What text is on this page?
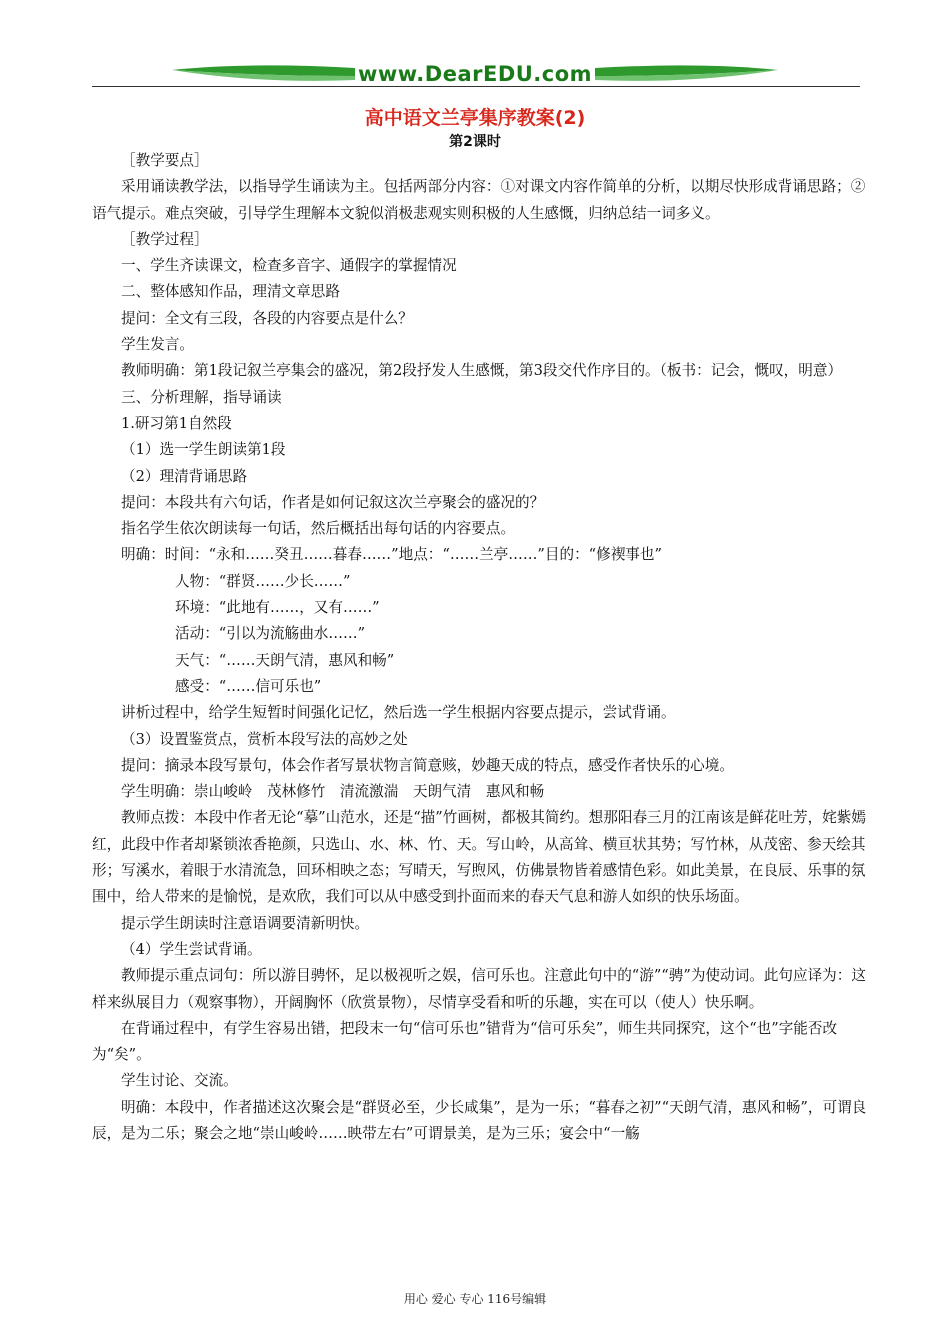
www.DearEDU.com
高中语文兰亭集序教案(2)
第2课时

［教学要点］

采用诵读教学法，以指导学生诵读为主。包括两部分内容：①对课文内容作简单的分析，以期尽快形成背诵思路；②语气提示。难点突破，引导学生理解本文貌似消极悲观实则积极的人生感慨，归纳总结一词多义。

［教学过程］

一、学生齐读课文，检查多音字、通假字的掌握情况

二、整体感知作品，理清文章思路

提问：全文有三段，各段的内容要点是什么？

学生发言。

教师明确：第1段记叙兰亭集会的盛况，第2段抒发人生感慨，第3段交代作序目的。（板书：记会，慨叹，明意）

三、分析理解，指导诵读

1.研习第1自然段

（1）选一学生朗读第1段

（2）理清背诵思路

提问：本段共有六句话，作者是如何记叙这次兰亭聚会的盛况的？

指名学生依次朗读每一句话，然后概括出每句话的内容要点。

明确：时间：“永和……癸丑……暮春……”地点：“……兰亭……”目的：“修禊事也”

人物：“群贤……少长……”

环境：“此地有……，又有……”

活动：“引以为流觞曲水……”

天气：“……天朗气清，惠风和畅”

感受：“……信可乐也”

讲析过程中，给学生短暂时间强化记忆，然后选一学生根据内容要点提示，尝试背诵。

（3）设置鉴赏点，赏析本段写法的高妙之处

提问：摘录本段写景句，体会作者写景状物言简意赅，妙趣天成的特点，感受作者快乐的心境。

学生明确：崇山峻岭　茂林修竹　清流激湍　天朗气清　惠风和畅

教师点拨：本段中作者无论“摹”山范水，还是“描”竹画树，都极其简约。想那阳春三月的江南该是鲜花吐芳，姹紫嫣红，此段中作者却紧锁浓香艳颜，只选山、水、林、竹、天。写山岭，从高耸、横亘状其势；写竹林，从茂密、参天绘其形；写溪水，着眼于水清流急，回环相映之态；写晴天，写煦风，仿佛景物皆着感情色彩。如此美景，在良辰、乐事的氛围中，给人带来的是愉悦，是欢欣，我们可以从中感受到扑面而来的春天气息和游人如织的快乐场面。

提示学生朗读时注意语调要清新明快。

（4）学生尝试背诵。

教师提示重点词句：所以游目骋怀，足以极视听之娱，信可乐也。注意此句中的“游”“骋”为使动词。此句应译为：这样来纵展目力（观察事物），开阔胸怀（欣赏景物），尽情享受看和听的乐趣，实在可以（使人）快乐啊。

在背诵过程中，有学生容易出错，把段末一句“信可乐也”错背为“信可乐矣”，师生共同探究，这个“也”字能否改为“矣”。

学生讨论、交流。

明确：本段中，作者描述这次聚会是“群贤必至，少长咸集”，是为一乐；“暮春之初”“天朗气清，惠风和畅”，可谓良辰，是为二乐；聚会之地“崇山峻岭……映带左右”可谓景美，是为三乐；宴会中“一觞

用心 爱心 专心 116号编辑
